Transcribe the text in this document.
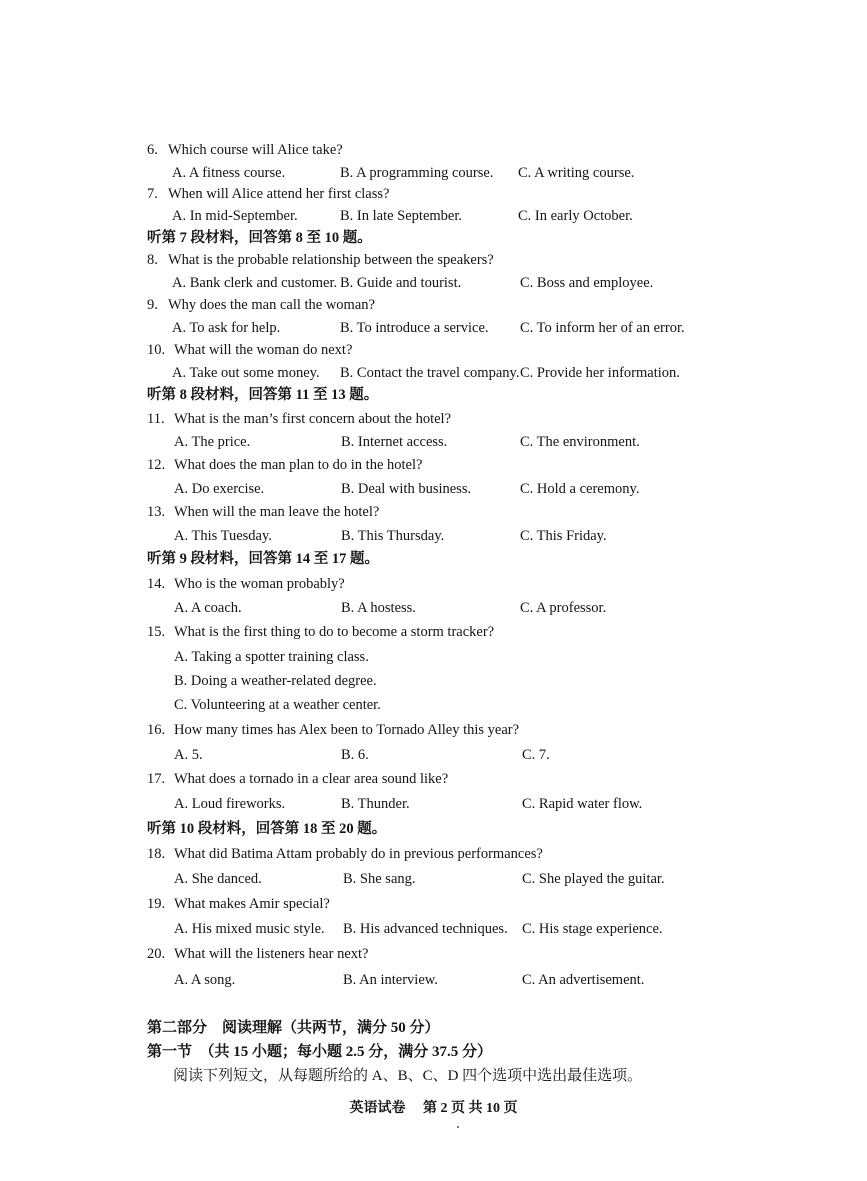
6. Which course will Alice take?
A. A fitness course.	B. A programming course. C. A writing course.
7. When will Alice attend her first class?
A. In mid-September.	B. In late September.	C. In early October.
听第 7 段材料，回答第 8 至 10 题。
8. What is the probable relationship between the speakers?
A. Bank clerk and customer. B. Guide and tourist.	C. Boss and employee.
9. Why does the man call the woman?
A. To ask for help.	B. To introduce a service. C. To inform her of an error.
10. What will the woman do next?
A. Take out some money. B. Contact the travel company. C. Provide her information.
听第 8 段材料，回答第 11 至 13 题。
11. What is the man’s first concern about the hotel?
A. The price.	B. Internet access.	C. The environment.
12. What does the man plan to do in the hotel?
A. Do exercise.	B. Deal with business.	C. Hold a ceremony.
13. When will the man leave the hotel?
A. This Tuesday.	B. This Thursday.	C. This Friday.
听第 9 段材料，回答第 14 至 17 题。
14. Who is the woman probably?
A. A coach.	B. A hostess.	C. A professor.
15. What is the first thing to do to become a storm tracker?
A. Taking a spotter training class.
B. Doing a weather-related degree.
C. Volunteering at a weather center.
16. How many times has Alex been to Tornado Alley this year?
A. 5.	B. 6.	C. 7.
17. What does a tornado in a clear area sound like?
A. Loud fireworks.	B. Thunder.	C. Rapid water flow.
听第 10 段材料，回答第 18 至 20 题。
18. What did Batima Attam probably do in previous performances?
A. She danced.	B. She sang.	C. She played the guitar.
19. What makes Amir special?
A. His mixed music style. B. His advanced techniques. C. His stage experience.
20. What will the listeners hear next?
A. A song.	B. An interview.	C. An advertisement.
第二部分　阅读理解（共两节，满分 50 分）
第一节　（共 15 小题；每小题 2.5 分，满分 37.5 分）
阅读下列短文，从每题所给的 A、B、C、D 四个选项中选出最佳选项。
英语试卷 第 2 页 共 10 页
